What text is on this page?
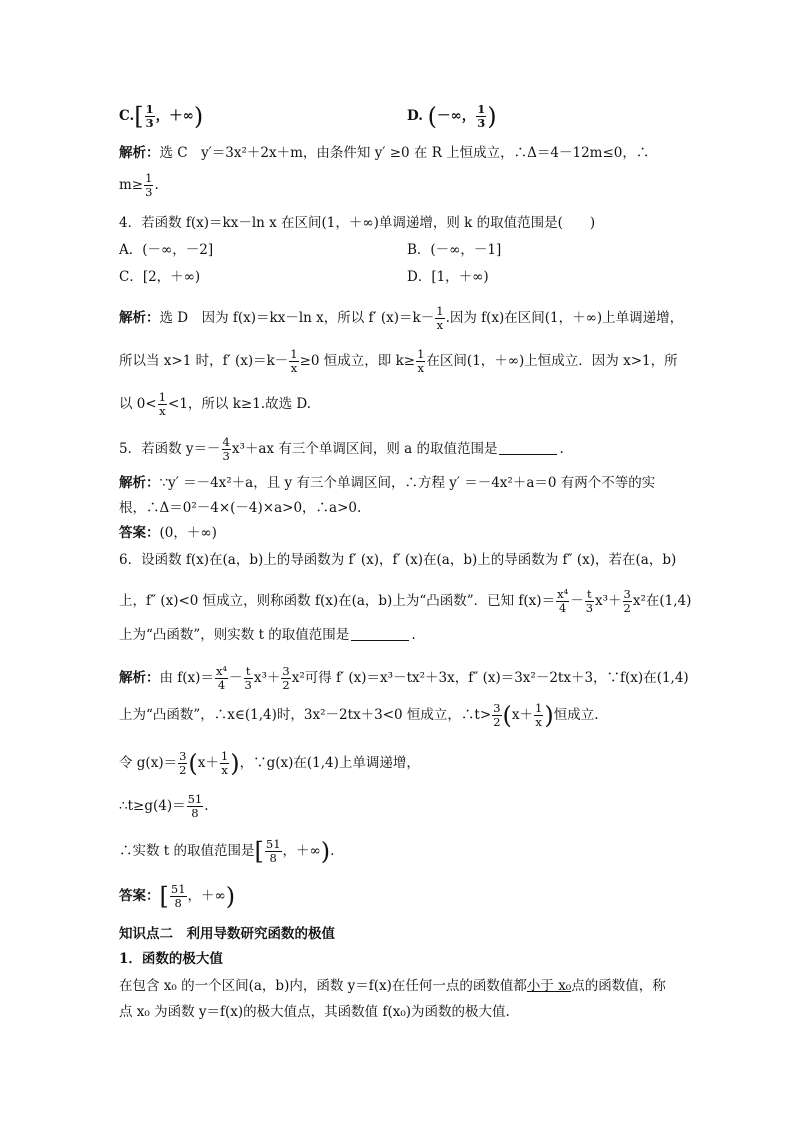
$C.[ \frac{1}{3}$ ，＋∞)	D. (－∞， $\frac{1}{3}$ )
解析：选 C　y′＝3x²＋2x＋m，由条件知 y′ ≥0 在 R 上恒成立，∴Δ＝4－12m≤0，∴
$m\ge \frac{1}{3}$ .
4．若函数 f(x)＝kx－ln x 在区间(1，＋∞)单调递增，则 k 的取值范围是(　　)
A．(－∞，－2]	B．(－∞，－1]
C．[2，＋∞)	D．[1，＋∞)
解析：选 D　因为 f(x)＝kx－ln x，所以 f′ $(x)=k- \frac{1}{x}$ .因为 f(x)在区间(1，＋∞)上单调递增，
所以当 x>1 时，f′ $(x)=k- \frac{1}{x} \ge 0$ 恒成立，即 $k\ge \frac{1}{x}$ 在区间(1，＋∞)上恒成立．因为 x>1，所
以 $0< \frac{1}{x} <1$，所以 k≥1.故选 D.
5．若函数 $y=- \frac{4}{3} x^3+ax$ 有三个单调区间，则 a 的取值范围是	.
解析：∵y′ ＝－4x²＋a，且 y 有三个单调区间，∴方程 y′ ＝－4x²＋a＝0 有两个不等的实
根，∴Δ＝0²－4×(－4)×a>0，∴a>0.
答案：(0，＋∞)
6．设函数 f(x)在(a，b)上的导函数为 f′ (x)，f′ (x)在(a，b)上的导函数为 f″ (x)，若在(a，b)
上，f″ (x)<0 恒成立，则称函数 f(x)在(a，b)上为“凸函数”．已知 $f(x)= \frac{\text{x⁴}}{4} - \frac{t}{3} x^3+ \frac{3}{2} x^2$在(1,4)
上为“凸函数”，则实数 t 的取值范围是	.
解析：由 $f(x)= \frac{\text{x⁴}}{4} - \frac{t}{3} x^3+ \frac{3}{2} x^2$可得 f′ (x)＝x³－tx²＋3x，f″ (x)＝3x²－2tx＋3，∵f(x)在(1,4)
上为“凸函数”，∴x∈(1,4)时，3x²－2tx＋3<0 恒成立，∴t> $\frac{3}{2} (x+ \frac{1}{x}$ )恒成立.
令 $g(x)= \frac{3}{2} (x+ \frac{1}{x}$ )，∵g(x)在(1,4)上单调递增，
∴t≥g(4)＝ $\frac{51}{8}$ .
∴实数 t 的取值范围是[ $\frac{51}{8}$ ，＋∞).
答案：[ $\frac{51}{8}$ ，＋∞)
知识点二　利用导数研究函数的极值
1．函数的极大值
在包含 x₀ 的一个区间(a，b)内，函数 y＝f(x)在任何一点的函数值都小于 x₀点的函数值，称
点 x₀ 为函数 y＝f(x)的极大值点，其函数值 f(x₀)为函数的极大值.
